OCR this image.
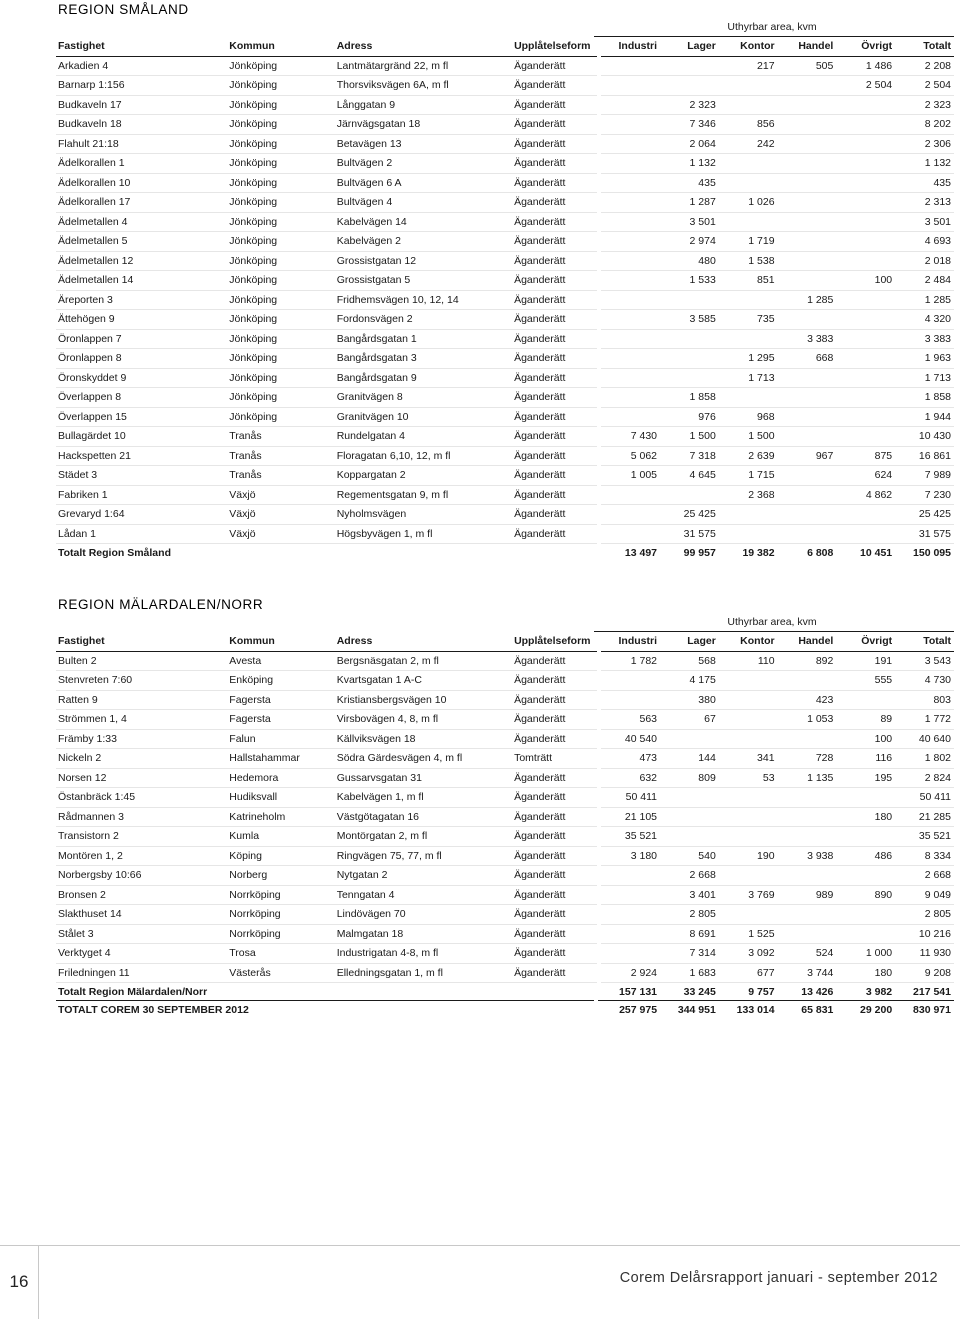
REGION SMÅLAND
Uthyrbar area, kvm
Fastighet	Kommun	Adress	Upplåtelseform		Industri	Lager	Kontor	Handel	Övrigt	Totalt
Arkadien 4	Jönköping	Lantmätargränd 22, m fl	Äganderätt				217	505	1 486	2 208
Barnarp 1:156	Jönköping	Thorsviksvägen 6A, m fl	Äganderätt						2 504	2 504
Budkaveln 17	Jönköping	Långgatan 9	Äganderätt			2 323				2 323
Budkaveln 18	Jönköping	Järnvägsgatan 18	Äganderätt			7 346	856			8 202
Flahult 21:18	Jönköping	Betavägen 13	Äganderätt			2 064	242			2 306
Ädelkorallen 1	Jönköping	Bultvägen 2	Äganderätt			1 132				1 132
Ädelkorallen 10	Jönköping	Bultvägen 6 A	Äganderätt			435				435
Ädelkorallen 17	Jönköping	Bultvägen 4	Äganderätt			1 287	1 026			2 313
Ädelmetallen 4	Jönköping	Kabelvägen 14	Äganderätt			3 501				3 501
Ädelmetallen 5	Jönköping	Kabelvägen 2	Äganderätt			2 974	1 719			4 693
Ädelmetallen 12	Jönköping	Grossistgatan 12	Äganderätt			480	1 538			2 018
Ädelmetallen 14	Jönköping	Grossistgatan 5	Äganderätt			1 533	851		100	2 484
Äreporten 3	Jönköping	Fridhemsvägen 10, 12, 14	Äganderätt					1 285		1 285
Ättehögen 9	Jönköping	Fordonsvägen 2	Äganderätt			3 585	735			4 320
Öronlappen 7	Jönköping	Bangårdsgatan 1	Äganderätt					3 383		3 383
Öronlappen 8	Jönköping	Bangårdsgatan 3	Äganderätt				1 295	668		1 963
Öronskyddet 9	Jönköping	Bangårdsgatan 9	Äganderätt				1 713			1 713
Överlappen 8	Jönköping	Granitvägen 8	Äganderätt			1 858				1 858
Överlappen 15	Jönköping	Granitvägen 10	Äganderätt			976	968			1 944
Bullagärdet 10	Tranås	Rundelgatan 4	Äganderätt		7 430	1 500	1 500			10 430
Hackspetten 21	Tranås	Floragatan 6,10, 12, m fl	Äganderätt		5 062	7 318	2 639	967	875	16 861
Städet 3	Tranås	Koppargatan 2	Äganderätt		1 005	4 645	1 715		624	7 989
Fabriken 1	Växjö	Regementsgatan 9, m fl	Äganderätt				2 368		4 862	7 230
Grevaryd 1:64	Växjö	Nyholmsvägen	Äganderätt			25 425				25 425
Lådan 1	Växjö	Högsbyvägen 1, m fl	Äganderätt			31 575				31 575
Totalt Region Småland					13 497	99 957	19 382	6 808	10 451	150 095
REGION MÄLARDALEN/NORR
Uthyrbar area, kvm
Fastighet	Kommun	Adress	Upplåtelseform		Industri	Lager	Kontor	Handel	Övrigt	Totalt
Bulten 2	Avesta	Bergsnäsgatan 2, m fl	Äganderätt		1 782	568	110	892	191	3 543
Stenvreten 7:60	Enköping	Kvartsgatan 1 A-C	Äganderätt			4 175			555	4 730
Ratten 9	Fagersta	Kristiansbergsvägen 10	Äganderätt			380		423		803
Strömmen 1, 4	Fagersta	Virsbovägen 4, 8, m fl	Äganderätt		563	67		1 053	89	1 772
Främby 1:33	Falun	Källviksvägen 18	Äganderätt		40 540				100	40 640
Nickeln 2	Hallstahammar	Södra Gärdesvägen 4, m fl	Tomträtt		473	144	341	728	116	1 802
Norsen 12	Hedemora	Gussarvsgatan 31	Äganderätt		632	809	53	1 135	195	2 824
Östanbräck 1:45	Hudiksvall	Kabelvägen 1, m fl	Äganderätt		50 411					50 411
Rådmannen 3	Katrineholm	Västgötagatan 16	Äganderätt		21 105				180	21 285
Transistorn 2	Kumla	Montörgatan 2, m fl	Äganderätt		35 521					35 521
Montören 1, 2	Köping	Ringvägen 75, 77, m fl	Äganderätt		3 180	540	190	3 938	486	8 334
Norbergsby 10:66	Norberg	Nytgatan 2	Äganderätt			2 668				2 668
Bronsen 2	Norrköping	Tenngatan 4	Äganderätt			3 401	3 769	989	890	9 049
Slakthuset 14	Norrköping	Lindövägen 70	Äganderätt			2 805				2 805
Stålet 3	Norrköping	Malmgatan 18	Äganderätt			8 691	1 525			10 216
Verktyget 4	Trosa	Industrigatan 4-8, m fl	Äganderätt			7 314	3 092	524	1 000	11 930
Friledningen 11	Västerås	Elledningsgatan 1, m fl	Äganderätt		2 924	1 683	677	3 744	180	9 208
Totalt Region Mälardalen/Norr					157 131	33 245	9 757	13 426	3 982	217 541
TOTALT COREM 30 SEPTEMBER 2012		257 975	344 951	133 014	65 831	29 200	830 971
16	Corem Delårsrapport januari - september 2012
